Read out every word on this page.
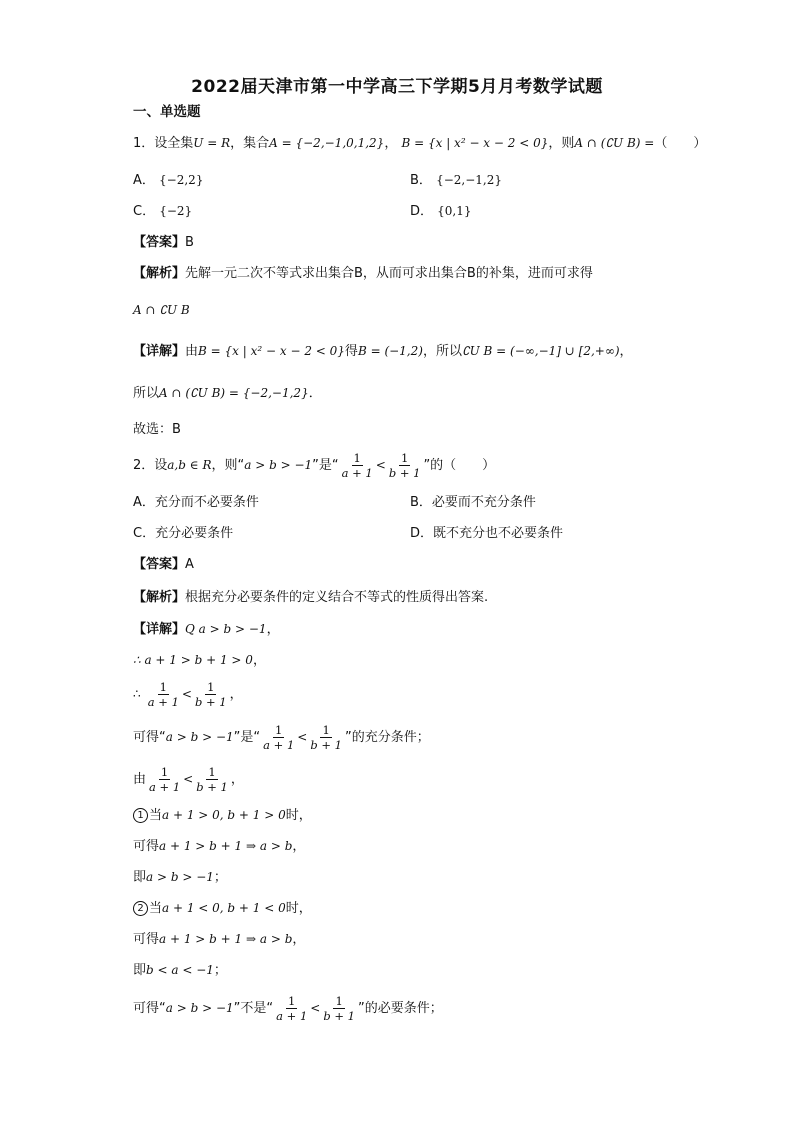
2022届天津市第一中学高三下学期5月月考数学试题
一、单选题
1．设全集U = R，集合A = {−2,−1,0,1,2}， B = {x | x² − x − 2 < 0}，则A ∩ (∁U B) =（　　）
A． {−2,2}	B． {−2,−1,2}
C． {−2}	D． {0,1}
【答案】B
【解析】先解一元二次不等式求出集合B，从而可求出集合B的补集，进而可求得
A ∩ ∁U B
【详解】由B = {x | x² − x − 2 < 0}得B = (−1,2)，所以∁U B = (−∞,−1] ∪ [2,+∞)，
所以A ∩ (∁U B) = {−2,−1,2}．
故选：B
2．设a,b ∈ R，则“a > b > −1”是“ $\frac{1}{a + 1} < \frac{1}{b + 1}$ ”的（　　）
A．充分而不必要条件	B．必要而不充分条件
C．充分必要条件	D．既不充分也不必要条件
【答案】A
【解析】根据充分必要条件的定义结合不等式的性质得出答案.
【详解】Q a > b > −1，
∴ a + 1 > b + 1 > 0，
∴ $\frac{1}{a + 1} < \frac{1}{b + 1}$ ，
可得“a > b > −1”是“ $\frac{1}{a + 1} < \frac{1}{b + 1}$ ”的充分条件；
由 $\frac{1}{a + 1} < \frac{1}{b + 1}$ ，
1 当a + 1 > 0, b + 1 > 0时，
可得a + 1 > b + 1 ⇒ a > b，
即a > b > −1；
2 当a + 1 < 0, b + 1 < 0时，
可得a + 1 > b + 1 ⇒ a > b，
即b < a < −1；
可得“a > b > −1”不是“ $\frac{1}{a + 1} < \frac{1}{b + 1}$ ”的必要条件；
